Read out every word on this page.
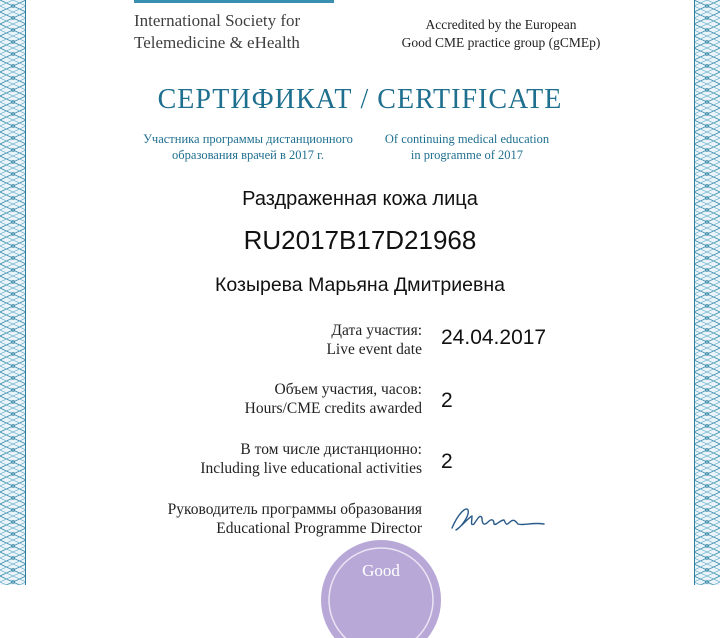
International Society for
Telemedicine & eHealth
Accredited by the European
Good CME practice group (gCMEp)
СЕРТИФИКАТ / CERTIFICATE
Участника программы дистанционного
образования врачей в 2017 г.
Of continuing medical education
in programme of 2017
Раздраженная кожа лица
RU2017B17D21968
Козырева Марьяна Дмитриевна
Дата участия:
Live event date
24.04.2017
Объем участия, часов:
Hours/CME credits awarded 2
В том числе дистанционно:
Including live educational activities 2
Руководитель программы образования
Educational Programme Director
Good
